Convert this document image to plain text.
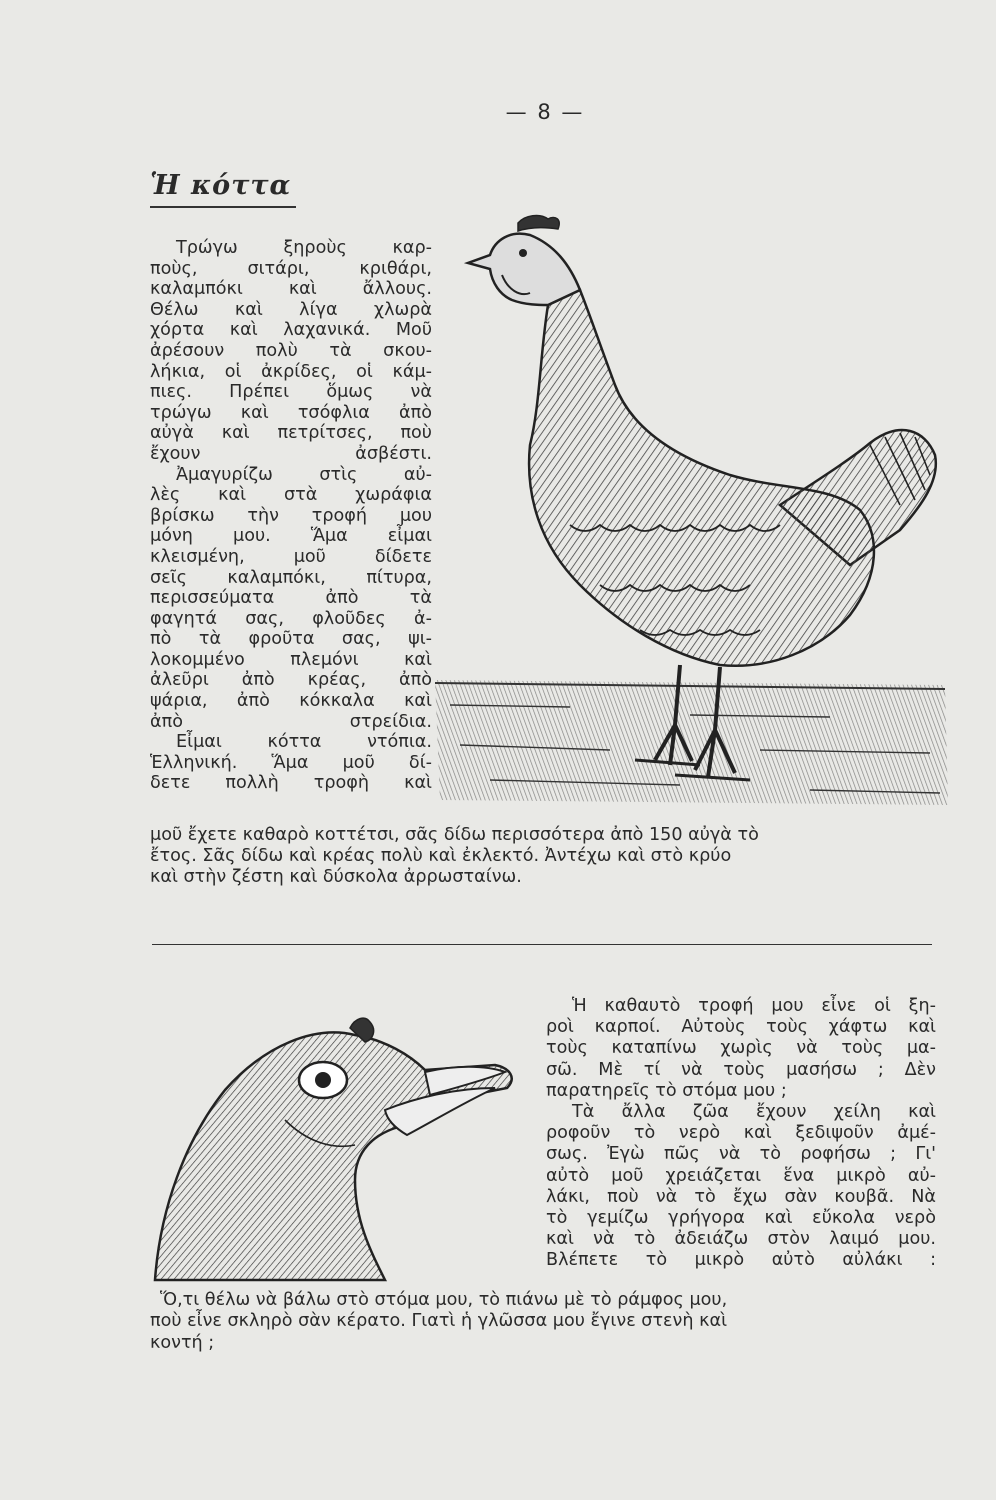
— 8 —
Ἡ κόττα

Τρώγω ξηροὺς καρ-
ποὺς, σιτάρι, κριθάρι,
καλαμπόκι καὶ ἄλλους.
Θέλω καὶ λίγα χλωρὰ
χόρτα καὶ λαχανικά. Μοῦ
ἀρέσουν πολὺ τὰ σκου-
λήκια, οἱ ἀκρίδες, οἱ κάμ-
πιες. Πρέπει ὅμως νὰ
τρώγω καὶ τσόφλια ἀπὸ
αὐγὰ καὶ πετρίτσες, ποὺ
ἔχουν ἀσβέστι.
Ἀμαγυρίζω στὶς αὐ-
λὲς καὶ στὰ χωράφια
βρίσκω τὴν τροφή μου
μόνη μου. Ἅμα εἶμαι
κλεισμένη, μοῦ δίδετε
σεῖς καλαμπόκι, πίτυρα,
περισσεύματα ἀπὸ τὰ
φαγητά σας, φλοῦδες ἀ-
πὸ τὰ φροῦτα σας, ψι-
λοκομμένο πλεμόνι καὶ
ἀλεῦρι ἀπὸ κρέας, ἀπὸ
ψάρια, ἀπὸ κόκκαλα καὶ
ἀπὸ στρείδια.
Εἶμαι κόττα ντόπια.
Ἑλληνική. Ἅμα μοῦ δί-
δετε πολλὴ τροφὴ καὶ

μοῦ ἔχετε καθαρὸ κοττέτσι, σᾶς δίδω περισσότερα ἀπὸ 150 αὐγὰ τὸ
ἔτος. Σᾶς δίδω καὶ κρέας πολὺ καὶ ἐκλεκτό. Ἀντέχω καὶ στὸ κρύο
καὶ στὴν ζέστη καὶ δύσκολα ἀρρωσταίνω.

Ἡ καθαυτὸ τροφή μου εἶνε οἱ ξη-
ροὶ καρποί. Αὐτοὺς τοὺς χάφτω καὶ
τοὺς καταπίνω χωρὶς νὰ τοὺς μα-
σῶ. Μὲ τί νὰ τοὺς μασήσω ; Δὲν
παρατηρεῖς τὸ στόμα μου ;
Τὰ ἄλλα ζῶα ἔχουν χείλη καὶ
ροφοῦν τὸ νερὸ καὶ ξεδιψοῦν ἀμέ-
σως. Ἐγὼ πῶς νὰ τὸ ροφήσω ; Γι'
αὐτὸ μοῦ χρειάζεται ἕνα μικρὸ αὐ-
λάκι, ποὺ νὰ τὸ ἔχω σὰν κουβᾶ. Νὰ
τὸ γεμίζω γρήγορα καὶ εὔκολα νερὸ
καὶ νὰ τὸ ἀδειάζω στὸν λαιμό μου.
Βλέπετε τὸ μικρὸ αὐτὸ αὐλάκι :

Ὅ,τι θέλω νὰ βάλω στὸ στόμα μου, τὸ πιάνω μὲ τὸ ράμφος μου,
ποὺ εἶνε σκληρὸ σὰν κέρατο. Γιατὶ ἡ γλῶσσα μου ἔγινε στενὴ καὶ
κοντή ;
